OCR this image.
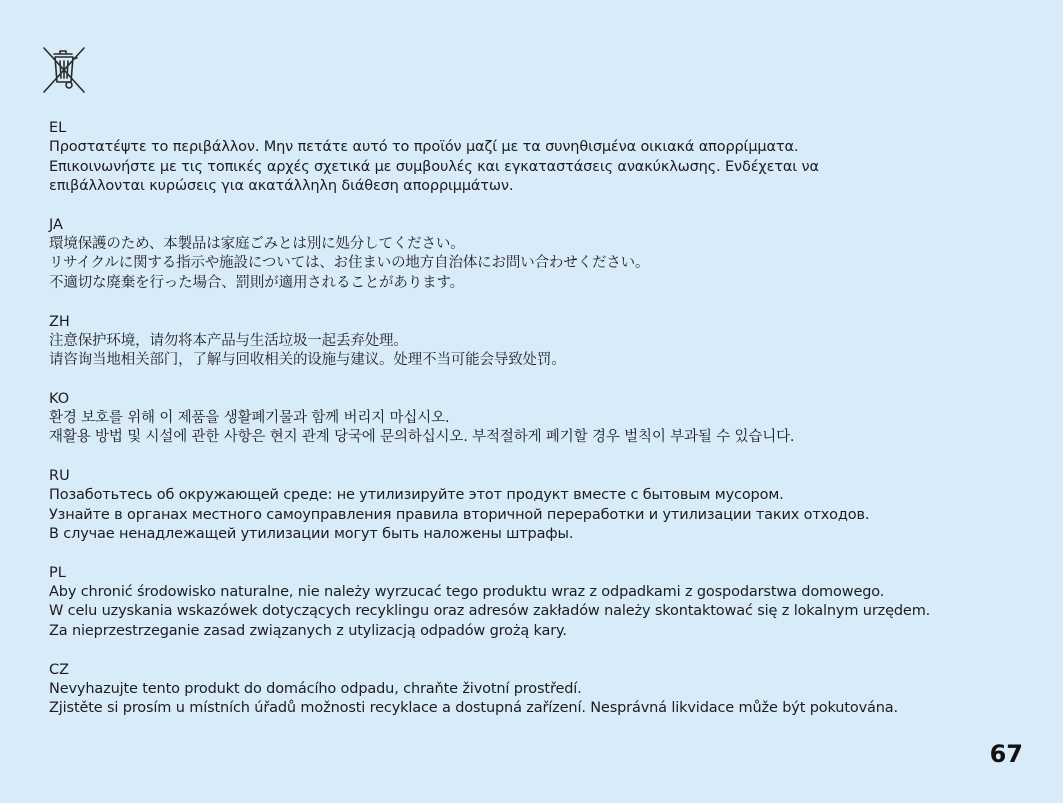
EL
Προστατέψτε το περιβάλλον. Μην πετάτε αυτό το προϊόν μαζί με τα συνηθισμένα οικιακά απορρίμματα.
Επικοινωνήστε με τις τοπικές αρχές σχετικά με συμβουλές και εγκαταστάσεις ανακύκλωσης. Ενδέχεται να
επιβάλλονται κυρώσεις για ακατάλληλη διάθεση απορριμμάτων.
JA
環境保護のため、本製品は家庭ごみとは別に処分してください。
リサイクルに関する指示や施設については、お住まいの地方自治体にお問い合わせください。
不適切な廃棄を行った場合、罰則が適用されることがあります。
ZH
注意保护环境，请勿将本产品与生活垃圾一起丢弃处理。
请咨询当地相关部门，了解与回收相关的设施与建议。处理不当可能会导致处罚。
KO
환경 보호를 위해 이 제품을 생활폐기물과 함께 버리지 마십시오.
재활용 방법 및 시설에 관한 사항은 현지 관계 당국에 문의하십시오. 부적절하게 폐기할 경우 벌칙이 부과될 수 있습니다.
RU
Позаботьтесь об окружающей среде: не утилизируйте этот продукт вместе с бытовым мусором.
Узнайте в органах местного самоуправления правила вторичной переработки и утилизации таких отходов.
В случае ненадлежащей утилизации могут быть наложены штрафы.
PL
Aby chronić środowisko naturalne, nie należy wyrzucać tego produktu wraz z odpadkami z gospodarstwa domowego.
W celu uzyskania wskazówek dotyczących recyklingu oraz adresów zakładów należy skontaktować się z lokalnym urzędem.
Za nieprzestrzeganie zasad związanych z utylizacją odpadów grożą kary.
CZ
Nevyhazujte tento produkt do domácího odpadu, chraňte životní prostředí.
Zjistěte si prosím u místních úřadů možnosti recyklace a dostupná zařízení. Nesprávná likvidace může být pokutována.
67
